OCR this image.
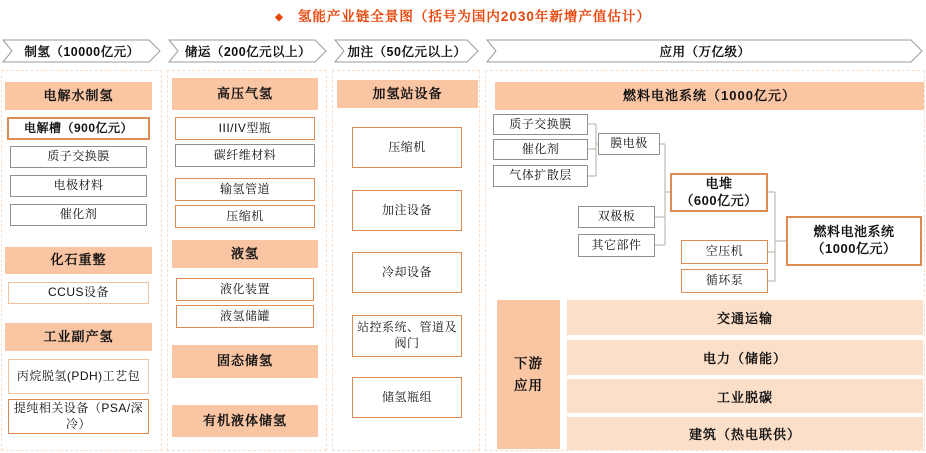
◆ 氢能产业链全景图（括号为国内2030年新增产值估计）
制氢（10000亿元）	储运（200亿元以上）	加注（50亿元以上）	应用（万亿级）
电解水制氢
电解槽（900亿元）
质子交换膜
电极材料
催化剂
化石重整
CCUS设备
工业副产氢
丙烷脱氢(PDH)工艺包
提纯相关设备（PSA/深冷）
高压气氢
III/IV型瓶
碳纤维材料
输氢管道
压缩机
液氢
液化装置
液氢储罐
固态储氢
有机液体储氢
加氢站设备
压缩机
加注设备
冷却设备
站控系统、管道及阀门
储氢瓶组
燃料电池系统（1000亿元）
质子交换膜
催化剂
气体扩散层
膜电极
双极板
其它部件
电堆
（600亿元）
空压机
循环泵
燃料电池系统
（1000亿元）
下游
应用
交通运输
电力（储能）
工业脱碳
建筑（热电联供）
